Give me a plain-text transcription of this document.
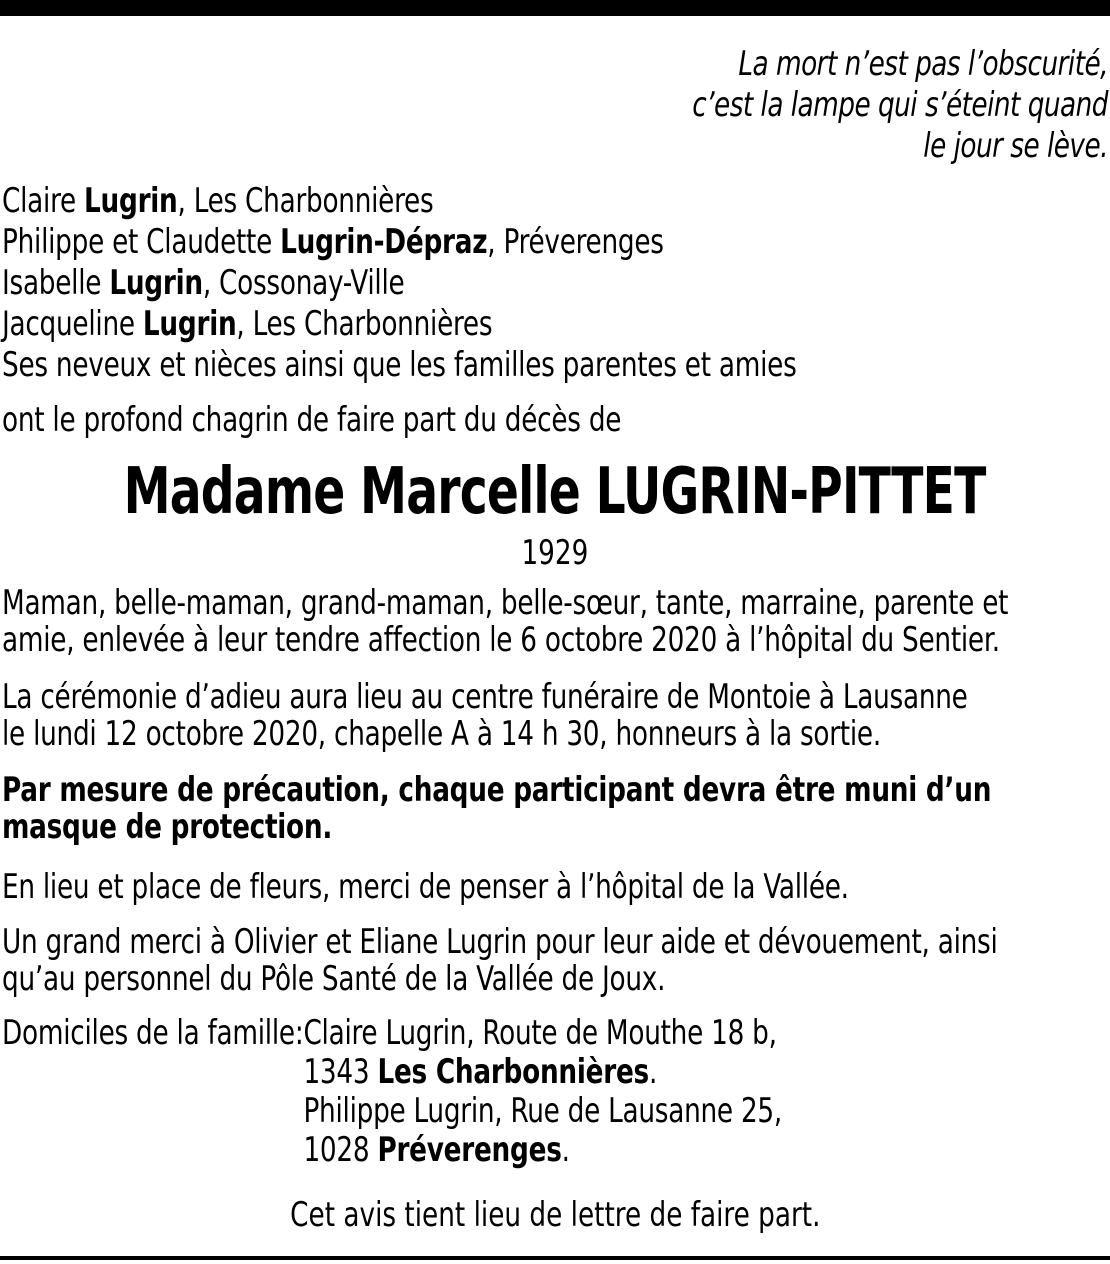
La mort n’est pas l’obscurité,
c’est la lampe qui s’éteint quand
le jour se lève.
Claire Lugrin, Les Charbonnières
Philippe et Claudette Lugrin-Dépraz, Préverenges
Isabelle Lugrin, Cossonay-Ville
Jacqueline Lugrin, Les Charbonnières
Ses neveux et nièces ainsi que les familles parentes et amies
ont le profond chagrin de faire part du décès de
Madame Marcelle LUGRIN-PITTET
1929
Maman, belle-maman, grand-maman, belle-sœur, tante, marraine, parente et
amie, enlevée à leur tendre affection le 6 octobre 2020 à l’hôpital du Sentier.
La cérémonie d’adieu aura lieu au centre funéraire de Montoie à Lausanne
le lundi 12 octobre 2020, chapelle A à 14 h 30, honneurs à la sortie.
Par mesure de précaution, chaque participant devra être muni d’un
masque de protection.
En lieu et place de fleurs, merci de penser à l’hôpital de la Vallée.
Un grand merci à Olivier et Eliane Lugrin pour leur aide et dévouement, ainsi
qu’au personnel du Pôle Santé de la Vallée de Joux.
Domiciles de la famille: Claire Lugrin, Route de Mouthe 18 b,
1343 Les Charbonnières.
Philippe Lugrin, Rue de Lausanne 25,
1028 Préverenges.
Cet avis tient lieu de lettre de faire part.
